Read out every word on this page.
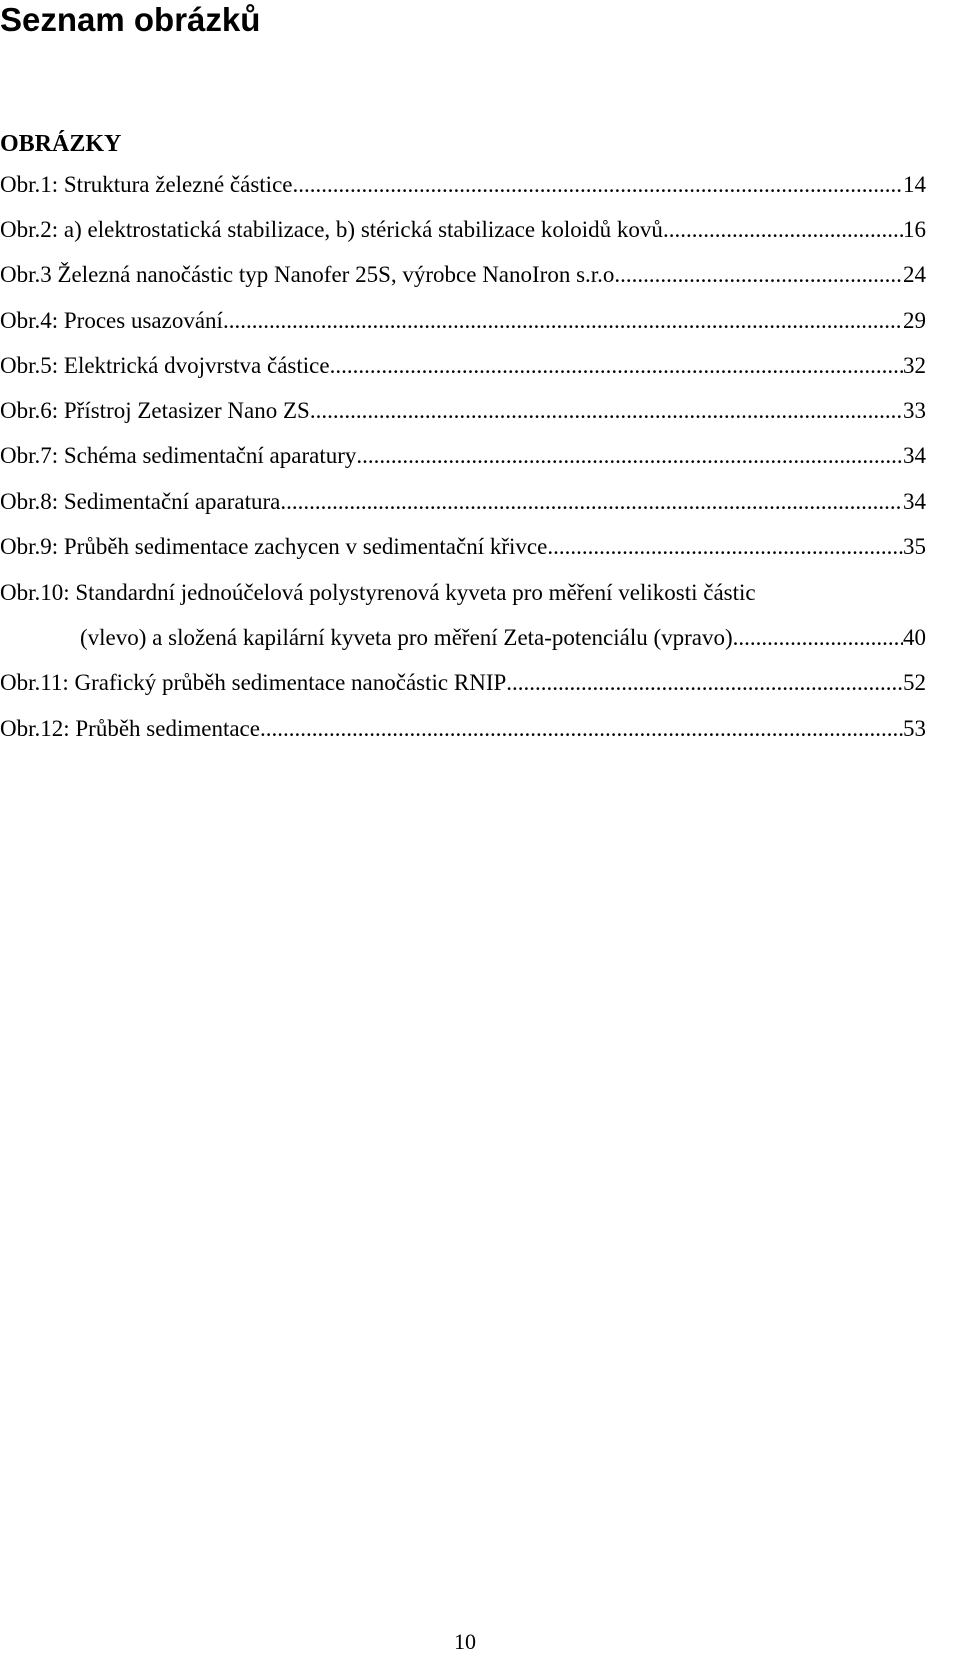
Seznam obrázků
OBRÁZKY
Obr.1: Struktura železné částice .....	14
Obr.2: a) elektrostatická stabilizace, b) stérická stabilizace koloidů kovů .....	16
Obr.3 Železná nanočástic typ Nanofer 25S, výrobce NanoIron s.r.o. .....	24
Obr.4: Proces usazování .....	29
Obr.5: Elektrická dvojvrstva částice .....	32
Obr.6: Přístroj Zetasizer Nano ZS .....	33
Obr.7: Schéma sedimentační aparatury .....	34
Obr.8: Sedimentační aparatura .....	34
Obr.9: Průběh sedimentace zachycen v sedimentační křivce .....	35
Obr.10: Standardní jednoúčelová polystyrenová kyveta pro měření velikosti částic
(vlevo) a složená kapilární kyveta pro měření Zeta-potenciálu (vpravo) .....	40
Obr.11: Grafický průběh sedimentace nanočástic RNIP .....	52
Obr.12: Průběh sedimentace .....	53
10
